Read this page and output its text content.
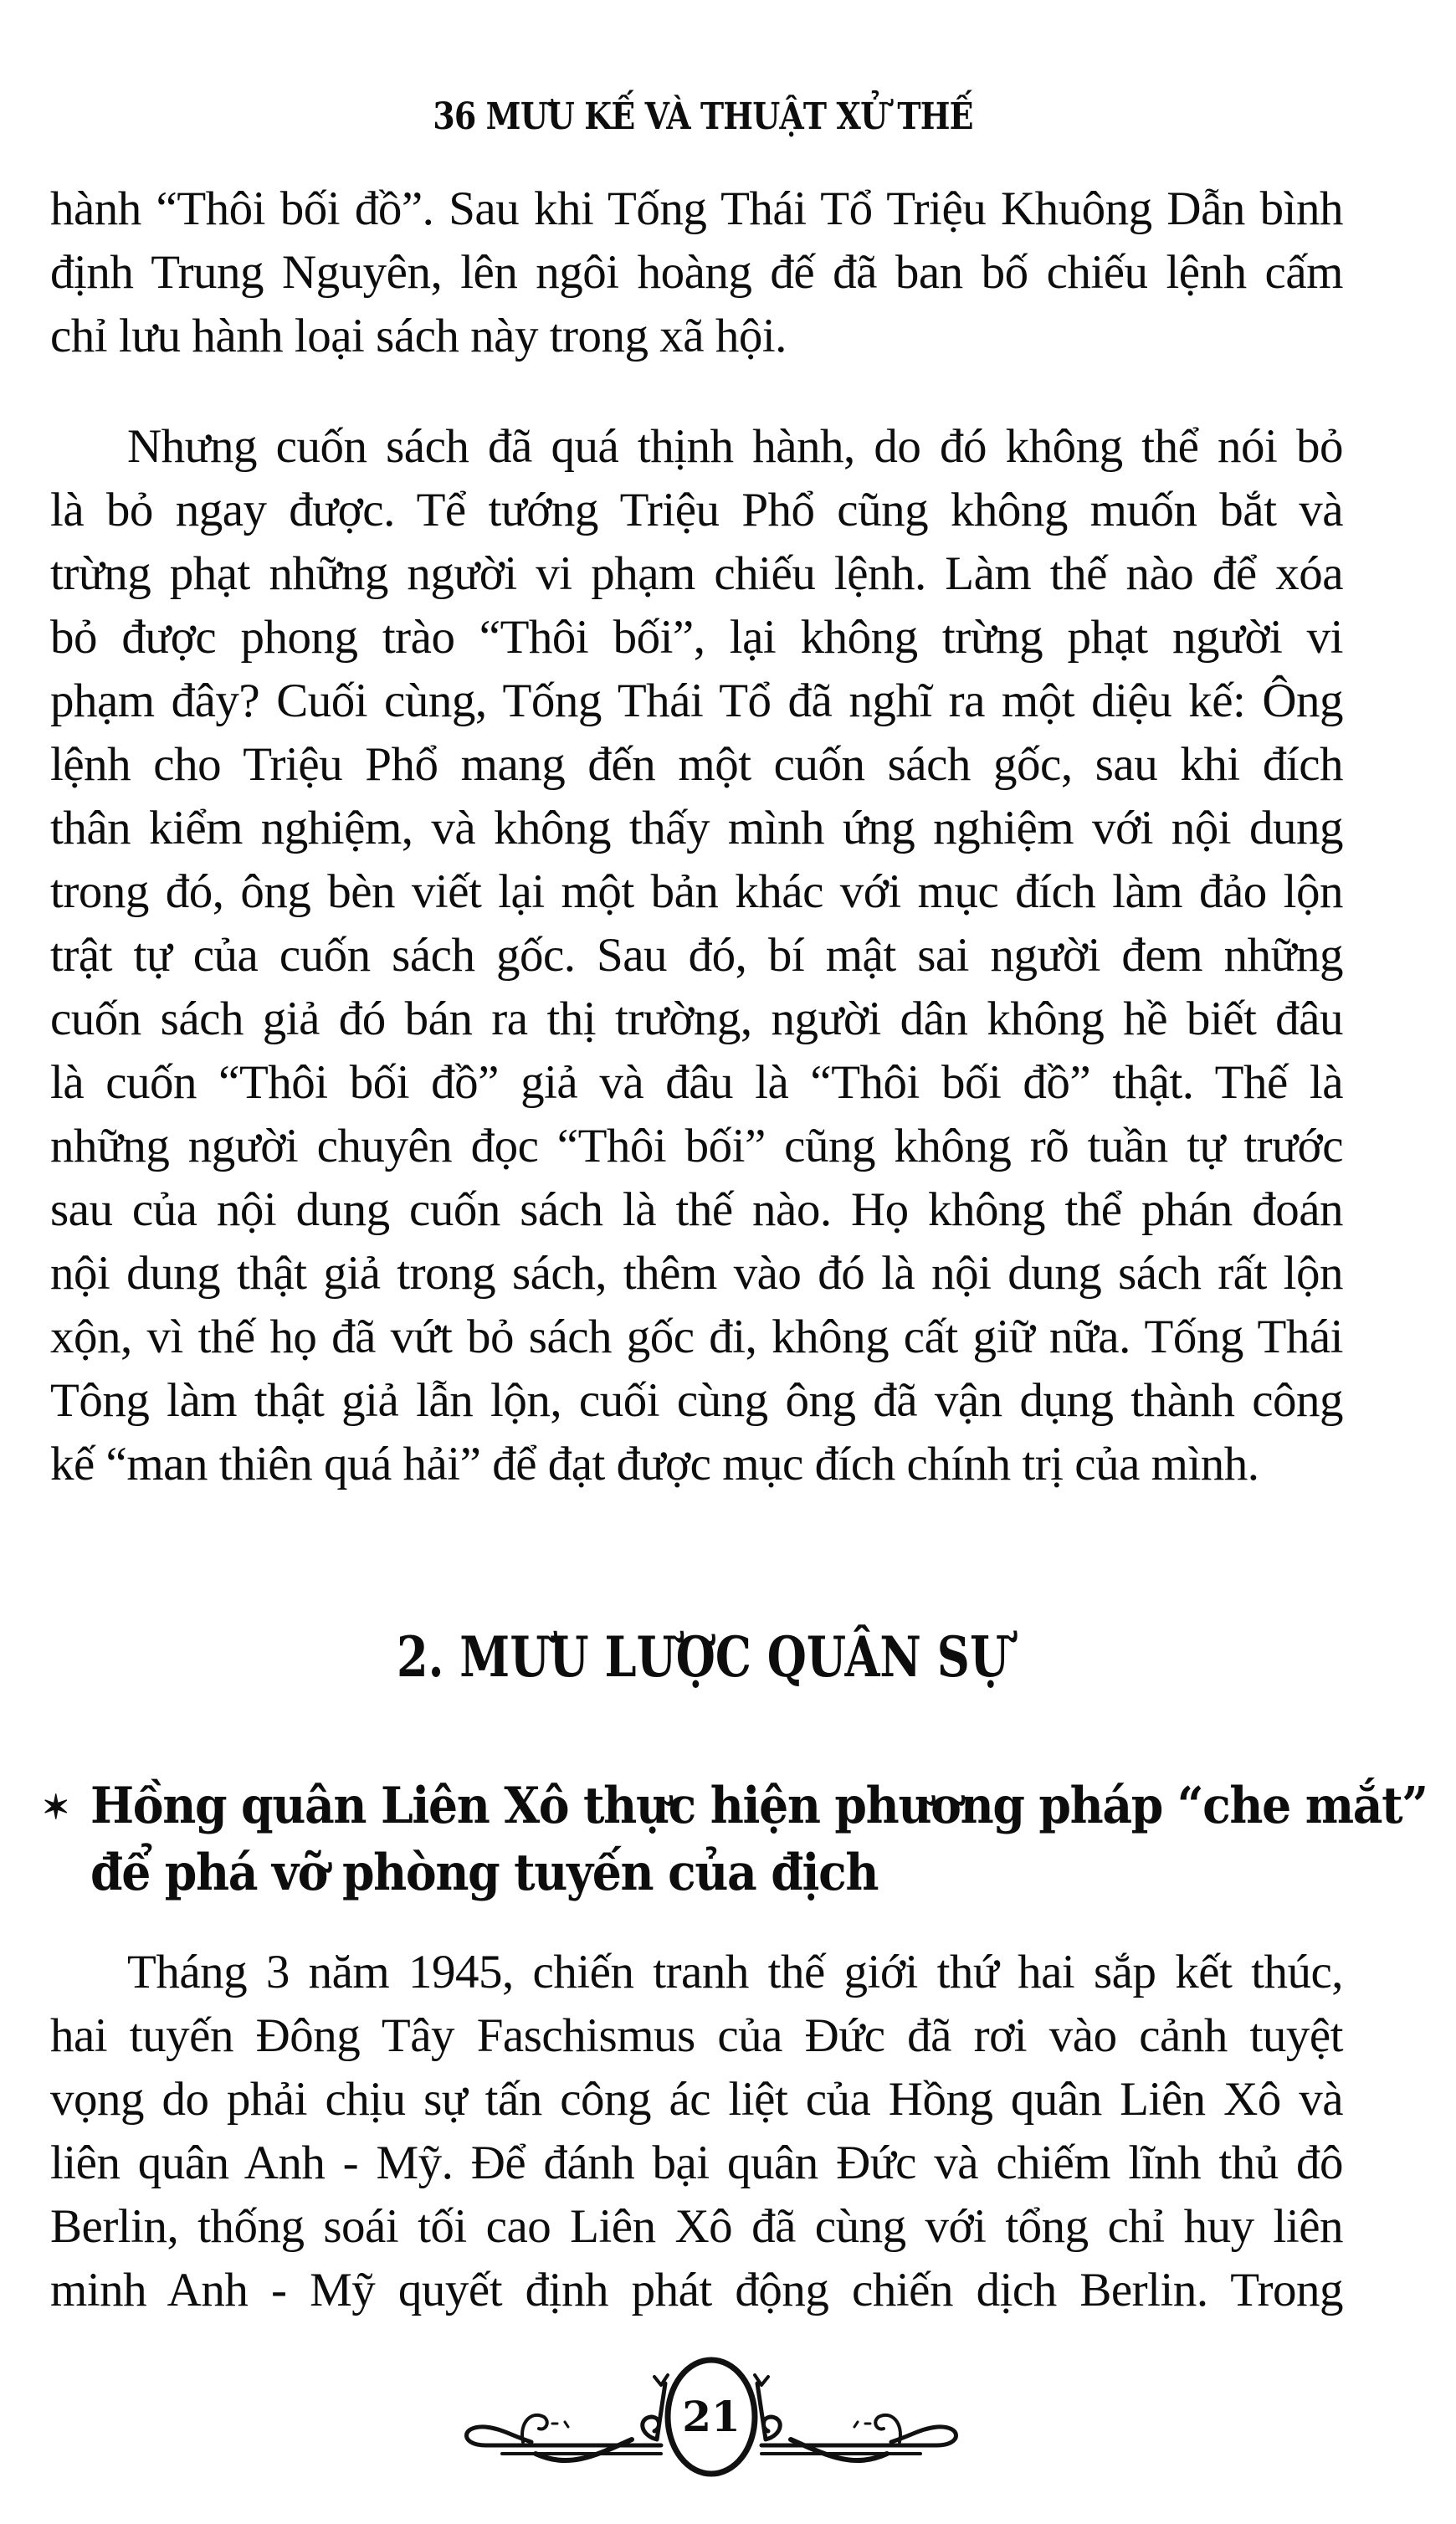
36 MƯU KẾ VÀ THUẬT XỬ THẾ
hành “Thôi bối đồ”. Sau khi Tống Thái Tổ Triệu Khuông Dẫn bình
định Trung Nguyên, lên ngôi hoàng đế đã ban bố chiếu lệnh cấm
chỉ lưu hành loại sách này trong xã hội.
Nhưng cuốn sách đã quá thịnh hành, do đó không thể nói bỏ
là bỏ ngay được. Tể tướng Triệu Phổ cũng không muốn bắt và
trừng phạt những người vi phạm chiếu lệnh. Làm thế nào để xóa
bỏ được phong trào “Thôi bối”, lại không trừng phạt người vi
phạm đây? Cuối cùng, Tống Thái Tổ đã nghĩ ra một diệu kế: Ông
lệnh cho Triệu Phổ mang đến một cuốn sách gốc, sau khi đích
thân kiểm nghiệm, và không thấy mình ứng nghiệm với nội dung
trong đó, ông bèn viết lại một bản khác với mục đích làm đảo lộn
trật tự của cuốn sách gốc. Sau đó, bí mật sai người đem những
cuốn sách giả đó bán ra thị trường, người dân không hề biết đâu
là cuốn “Thôi bối đồ” giả và đâu là “Thôi bối đồ” thật. Thế là
những người chuyên đọc “Thôi bối” cũng không rõ tuần tự trước
sau của nội dung cuốn sách là thế nào. Họ không thể phán đoán
nội dung thật giả trong sách, thêm vào đó là nội dung sách rất lộn
xộn, vì thế họ đã vứt bỏ sách gốc đi, không cất giữ nữa. Tống Thái
Tông làm thật giả lẫn lộn, cuối cùng ông đã vận dụng thành công
kế “man thiên quá hải” để đạt được mục đích chính trị của mình.
2. MƯU LƯỢC QUÂN SỰ
✶ Hồng quân Liên Xô thực hiện phương pháp “che mắt”
để phá vỡ phòng tuyến của địch
Tháng 3 năm 1945, chiến tranh thế giới thứ hai sắp kết thúc,
hai tuyến Đông Tây Faschismus của Đức đã rơi vào cảnh tuyệt
vọng do phải chịu sự tấn công ác liệt của Hồng quân Liên Xô và
liên quân Anh - Mỹ. Để đánh bại quân Đức và chiếm lĩnh thủ đô
Berlin, thống soái tối cao Liên Xô đã cùng với tổng chỉ huy liên
minh Anh - Mỹ quyết định phát động chiến dịch Berlin. Trong
21
